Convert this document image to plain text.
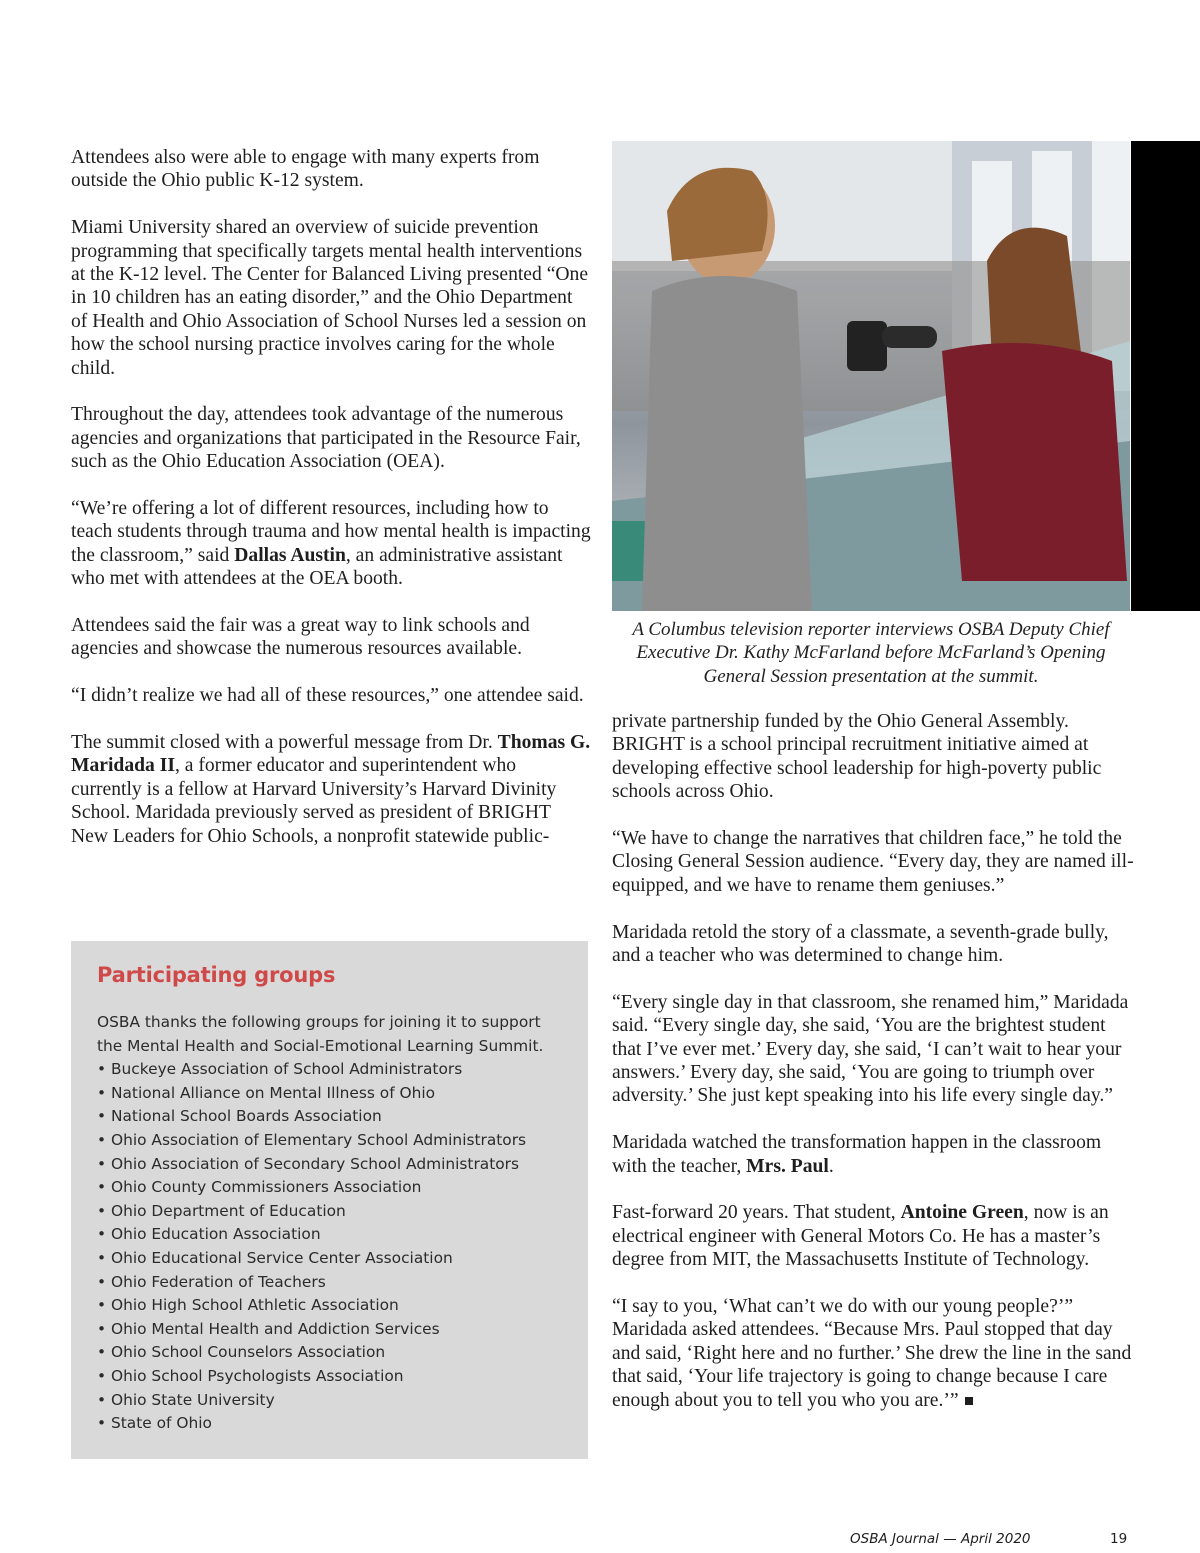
Attendees also were able to engage with many experts from outside the Ohio public K-12 system.

Miami University shared an overview of suicide prevention programming that specifically targets mental health interventions at the K-12 level. The Center for Balanced Living presented “One in 10 children has an eating disorder,” and the Ohio Department of Health and Ohio Association of School Nurses led a session on how the school nursing practice involves caring for the whole child.

Throughout the day, attendees took advantage of the numerous agencies and organizations that participated in the Resource Fair, such as the Ohio Education Association (OEA).

“We’re offering a lot of different resources, including how to teach students through trauma and how mental health is impacting the classroom,” said Dallas Austin, an administrative assistant who met with attendees at the OEA booth.

Attendees said the fair was a great way to link schools and agencies and showcase the numerous resources available.

“I didn’t realize we had all of these resources,” one attendee said.

The summit closed with a powerful message from Dr. Thomas G. Maridada II, a former educator and superintendent who currently is a fellow at Harvard University’s Harvard Divinity School. Maridada previously served as president of BRIGHT New Leaders for Ohio Schools, a nonprofit statewide public-

A Columbus television reporter interviews OSBA Deputy Chief Executive Dr. Kathy McFarland before McFarland’s Opening General Session presentation at the summit.

private partnership funded by the Ohio General Assembly. BRIGHT is a school principal recruitment initiative aimed at developing effective school leadership for high-poverty public schools across Ohio.

“We have to change the narratives that children face,” he told the Closing General Session audience. “Every day, they are named ill-equipped, and we have to rename them geniuses.”

Maridada retold the story of a classmate, a seventh-grade bully, and a teacher who was determined to change him.

“Every single day in that classroom, she renamed him,” Maridada said. “Every single day, she said, ‘You are the brightest student that I’ve ever met.’ Every day, she said, ‘I can’t wait to hear your answers.’ Every day, she said, ‘You are going to triumph over adversity.’ She just kept speaking into his life every single day.”

Maridada watched the transformation happen in the classroom with the teacher, Mrs. Paul.

Fast-forward 20 years. That student, Antoine Green, now is an electrical engineer with General Motors Co. He has a master’s degree from MIT, the Massachusetts Institute of Technology.

“I say to you, ‘What can’t we do with our young people?’” Maridada asked attendees. “Because Mrs. Paul stopped that day and said, ‘Right here and no further.’ She drew the line in the sand that said, ‘Your life trajectory is going to change because I care enough about you to tell you who you are.’”

Participating groups

OSBA thanks the following groups for joining it to support the Mental Health and Social-Emotional Learning Summit.

• Buckeye Association of School Administrators
• National Alliance on Mental Illness of Ohio
• National School Boards Association
• Ohio Association of Elementary School Administrators
• Ohio Association of Secondary School Administrators
• Ohio County Commissioners Association
• Ohio Department of Education
• Ohio Education Association
• Ohio Educational Service Center Association
• Ohio Federation of Teachers
• Ohio High School Athletic Association
• Ohio Mental Health and Addiction Services
• Ohio School Counselors Association
• Ohio School Psychologists Association
• Ohio State University
• State of Ohio
OSBA Journal — April 2020	19
